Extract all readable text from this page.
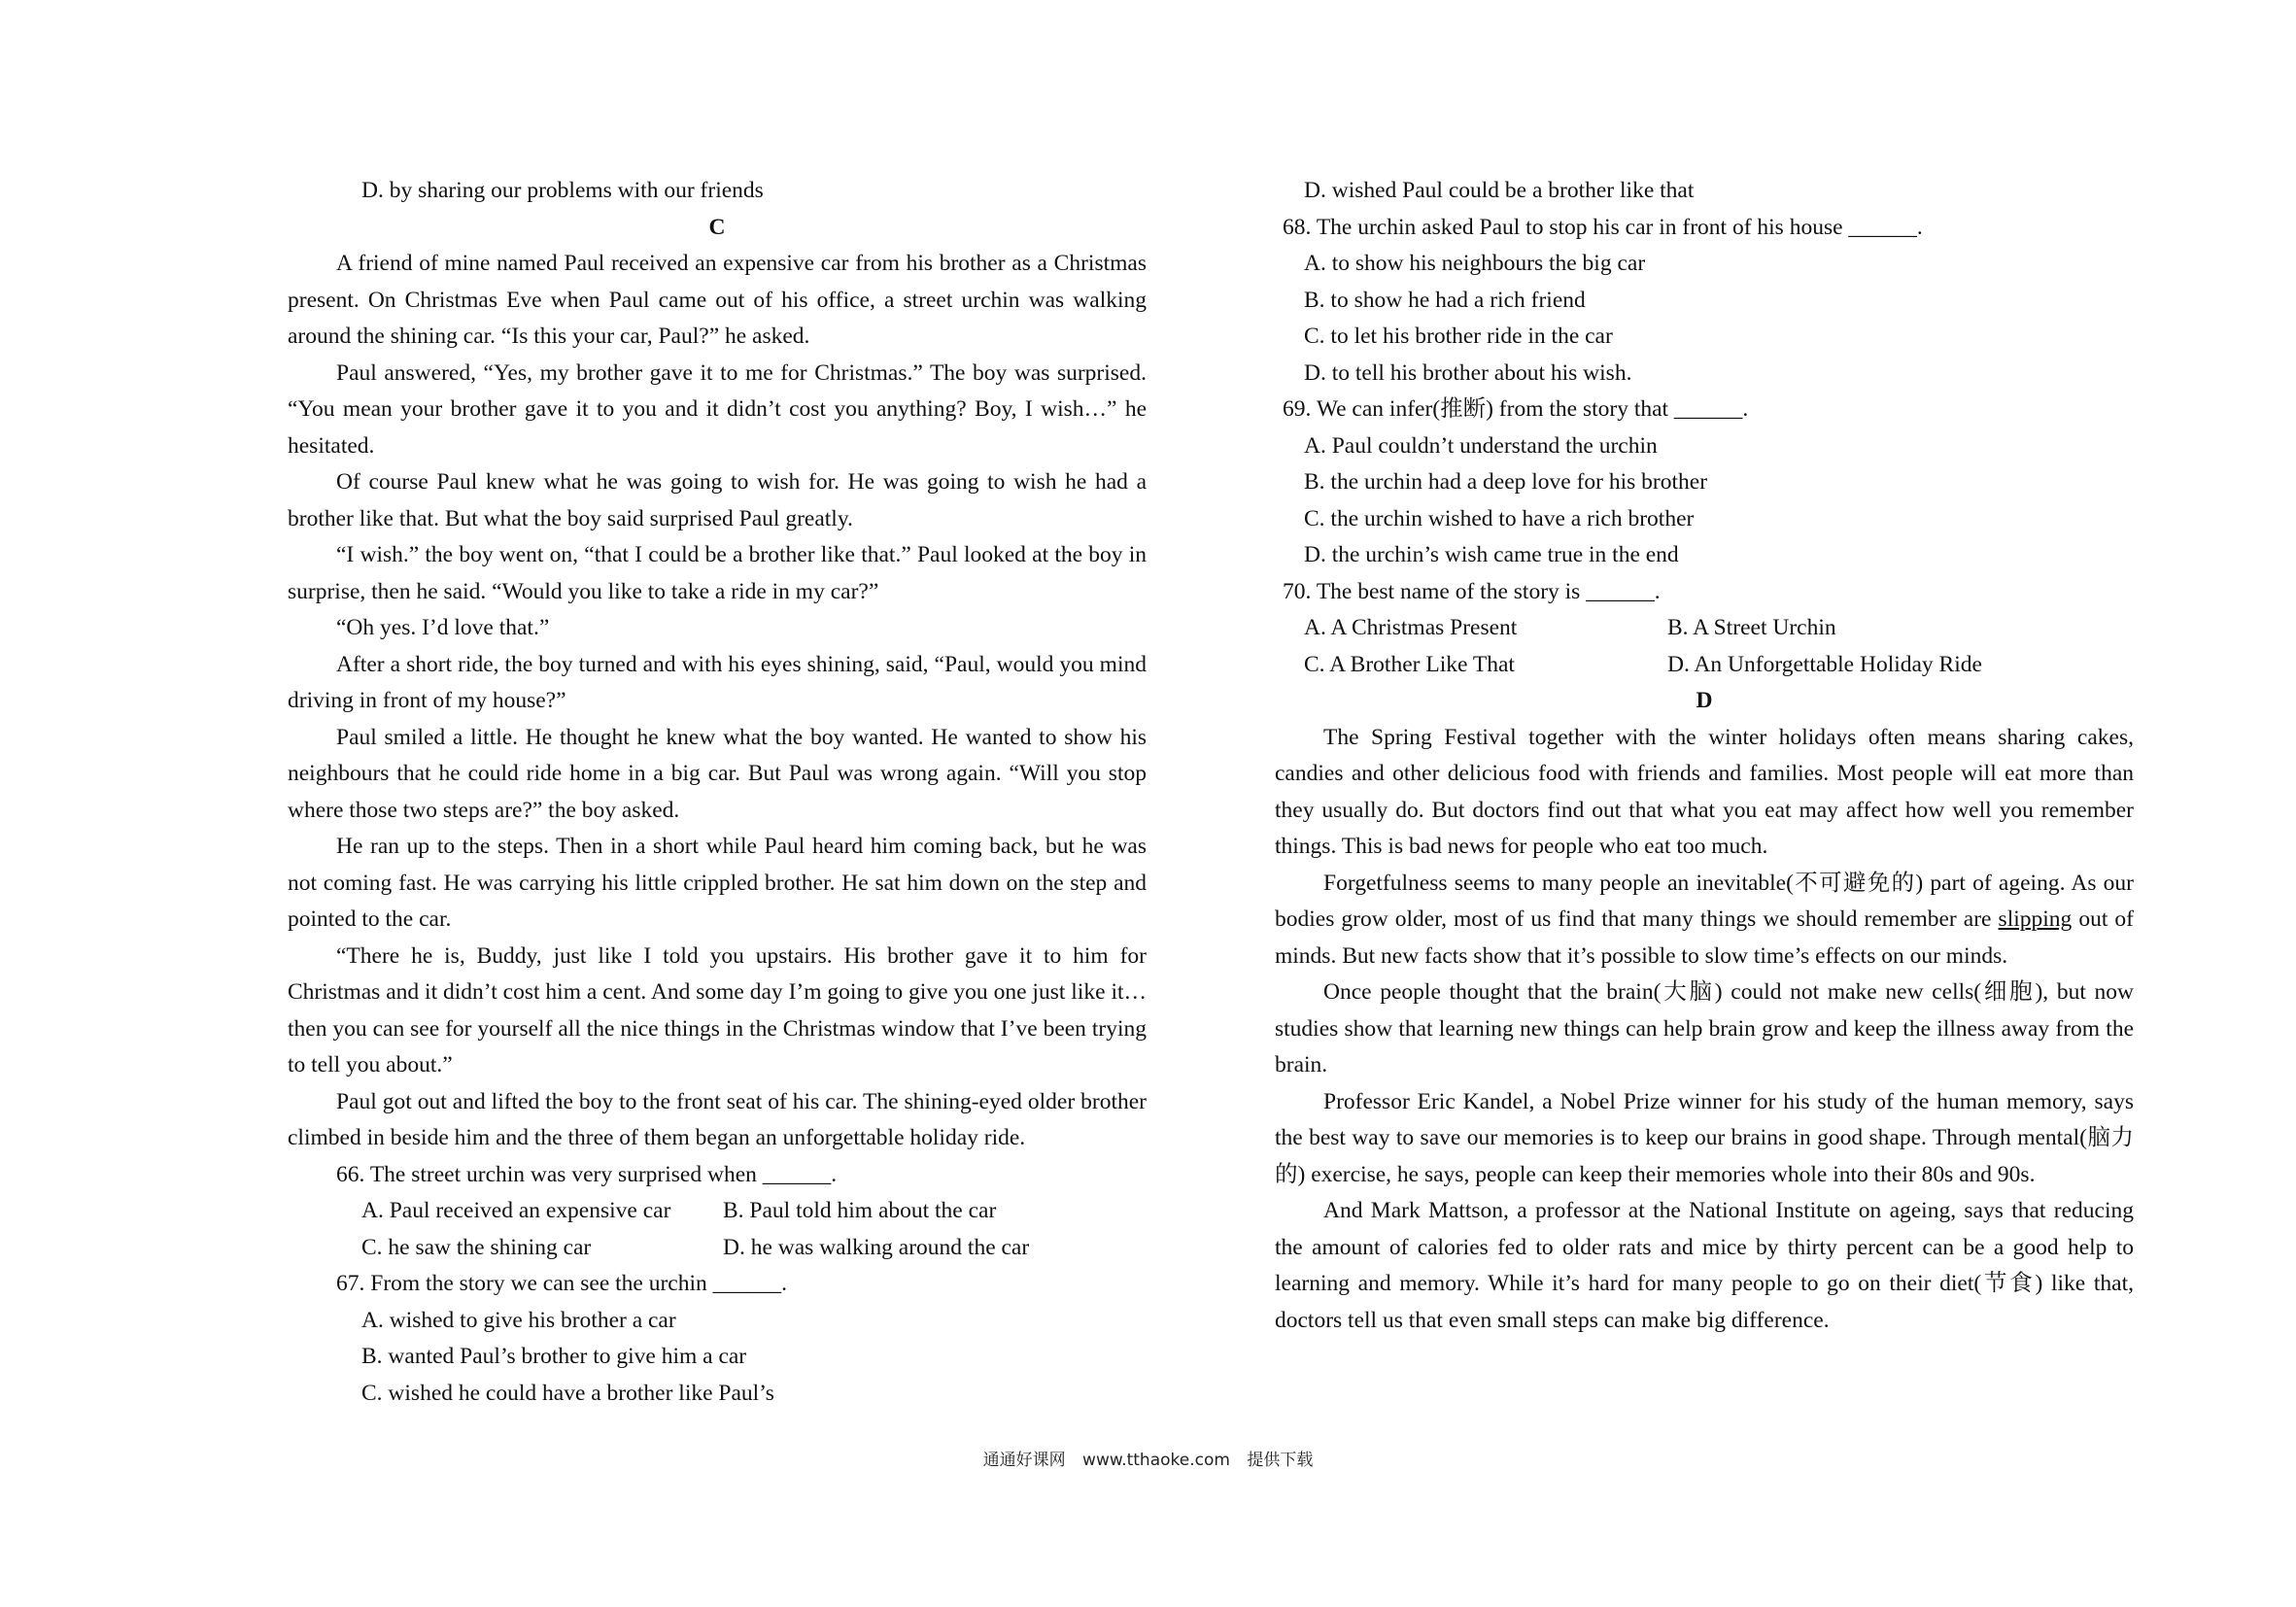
D. by sharing our problems with our friends

C

A friend of mine named Paul received an expensive car from his brother as a Christmas present. On Christmas Eve when Paul came out of his office, a street urchin was walking around the shining car. “Is this your car, Paul?” he asked.

Paul answered, “Yes, my brother gave it to me for Christmas.” The boy was surprised. “You mean your brother gave it to you and it didn’t cost you anything? Boy, I wish…” he hesitated.

Of course Paul knew what he was going to wish for. He was going to wish he had a brother like that. But what the boy said surprised Paul greatly.

“I wish.” the boy went on, “that I could be a brother like that.” Paul looked at the boy in surprise, then he said. “Would you like to take a ride in my car?”

“Oh yes. I’d love that.”

After a short ride, the boy turned and with his eyes shining, said, “Paul, would you mind driving in front of my house?”

Paul smiled a little. He thought he knew what the boy wanted. He wanted to show his neighbours that he could ride home in a big car. But Paul was wrong again. “Will you stop where those two steps are?” the boy asked.

He ran up to the steps. Then in a short while Paul heard him coming back, but he was not coming fast. He was carrying his little crippled brother. He sat him down on the step and pointed to the car.

“There he is, Buddy, just like I told you upstairs. His brother gave it to him for Christmas and it didn’t cost him a cent. And some day I’m going to give you one just like it…then you can see for yourself all the nice things in the Christmas window that I’ve been trying to tell you about.”

Paul got out and lifted the boy to the front seat of his car. The shining-eyed older brother climbed in beside him and the three of them began an unforgettable holiday ride.

66. The street urchin was very surprised when ______.

A. Paul received an expensive car	B. Paul told him about the car
C. he saw the shining car	D. he was walking around the car

67. From the story we can see the urchin ______.

A. wished to give his brother a car

B. wanted Paul’s brother to give him a car

C. wished he could have a brother like Paul’s

D. wished Paul could be a brother like that

68. The urchin asked Paul to stop his car in front of his house ______.

A. to show his neighbours the big car

B. to show he had a rich friend

C. to let his brother ride in the car

D. to tell his brother about his wish.

69. We can infer(推断) from the story that ______.

A. Paul couldn’t understand the urchin

B. the urchin had a deep love for his brother

C. the urchin wished to have a rich brother

D. the urchin’s wish came true in the end

70. The best name of the story is ______.

A. A Christmas Present	B. A Street Urchin
C. A Brother Like That	D. An Unforgettable Holiday Ride

D

The Spring Festival together with the winter holidays often means sharing cakes, candies and other delicious food with friends and families. Most people will eat more than they usually do. But doctors find out that what you eat may affect how well you remember things. This is bad news for people who eat too much.

Forgetfulness seems to many people an inevitable(不可避免的) part of ageing. As our bodies grow older, most of us find that many things we should remember are slipping out of minds. But new facts show that it’s possible to slow time’s effects on our minds.

Once people thought that the brain(大脑) could not make new cells(细胞), but now studies show that learning new things can help brain grow and keep the illness away from the brain.

Professor Eric Kandel, a Nobel Prize winner for his study of the human memory, says the best way to save our memories is to keep our brains in good shape. Through mental(脑力的) exercise, he says, people can keep their memories whole into their 80s and 90s.

And Mark Mattson, a professor at the National Institute on ageing, says that reducing the amount of calories fed to older rats and mice by thirty percent can be a good help to learning and memory. While it’s hard for many people to go on their diet(节食) like that, doctors tell us that even small steps can make big difference.

通通好课网 www.tthaoke.com 提供下载
